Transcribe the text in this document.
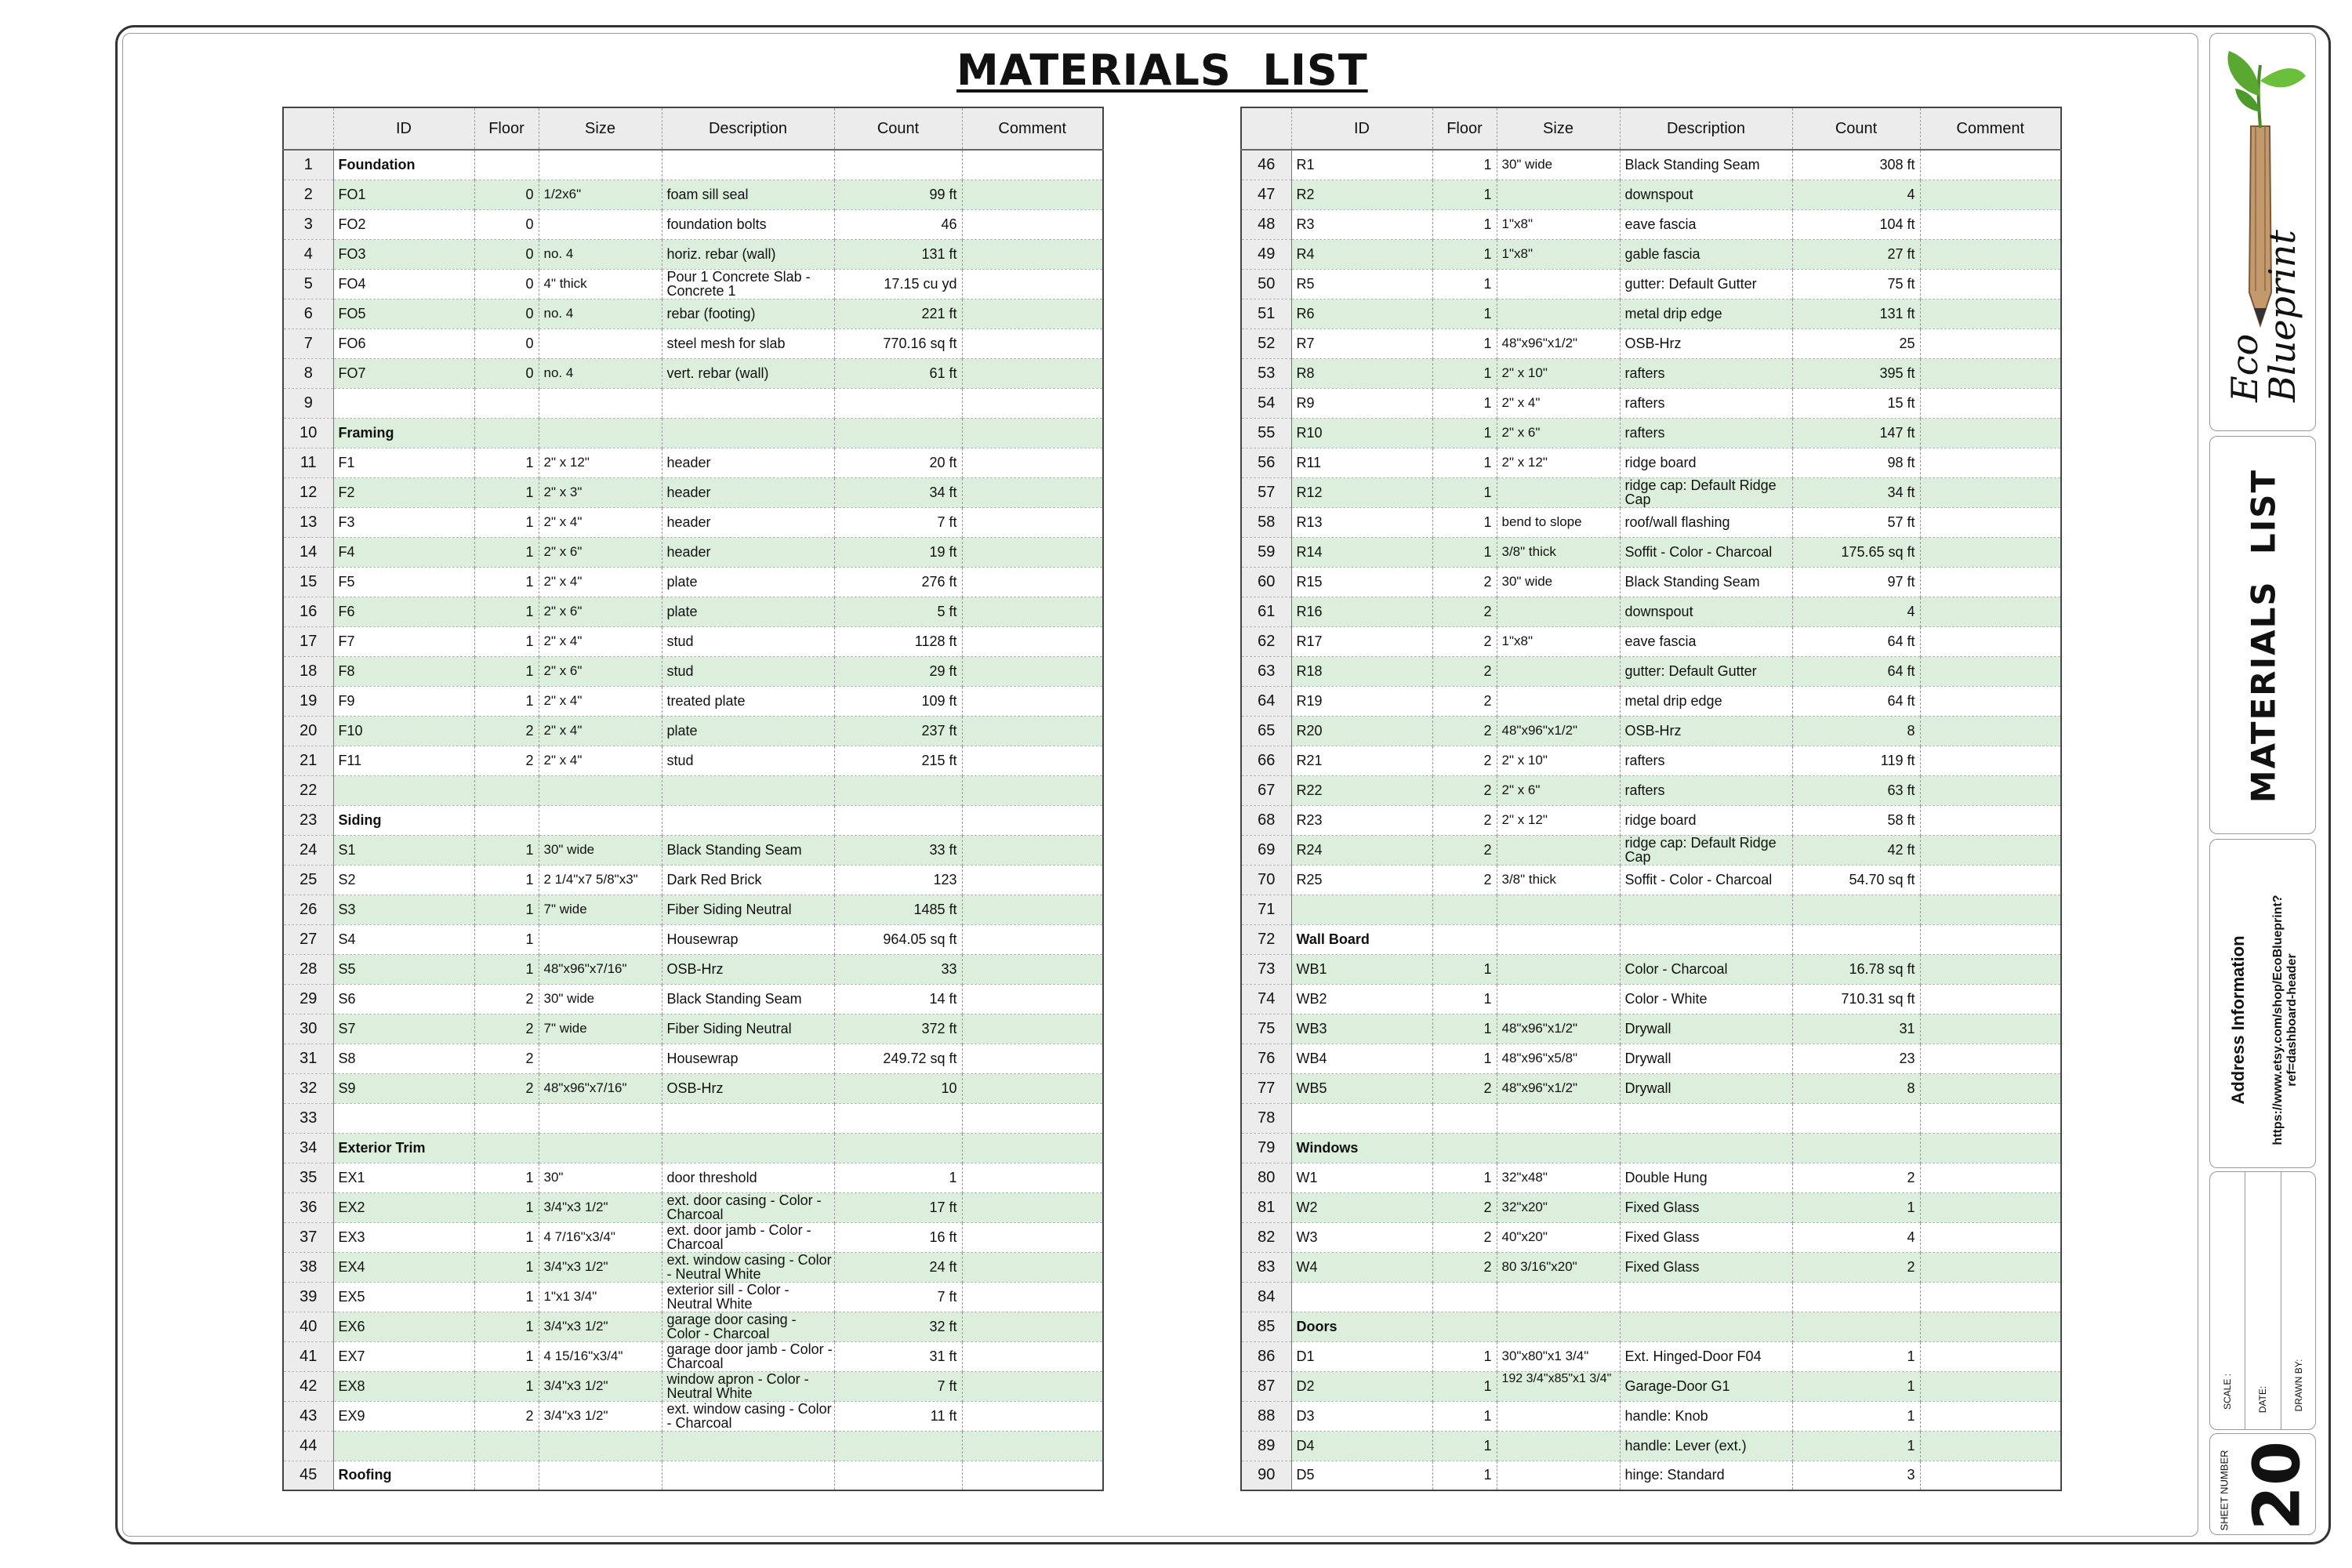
MATERIALS  LIST
	ID	Floor	Size	Description	Count	Comment
1	Foundation					
2	FO1	0	1/2x6"	foam sill seal	99 ft	
3	FO2	0		foundation bolts	46	
4	FO3	0	no. 4	horiz. rebar (wall)	131 ft	
5	FO4	0	4" thick	Pour 1 Concrete Slab - Concrete 1	17.15 cu yd	
6	FO5	0	no. 4	rebar (footing)	221 ft	
7	FO6	0		steel mesh for slab	770.16 sq ft	
8	FO7	0	no. 4	vert. rebar (wall)	61 ft	
9						
10	Framing					
11	F1	1	2" x 12"	header	20 ft	
12	F2	1	2" x 3"	header	34 ft	
13	F3	1	2" x 4"	header	7 ft	
14	F4	1	2" x 6"	header	19 ft	
15	F5	1	2" x 4"	plate	276 ft	
16	F6	1	2" x 6"	plate	5 ft	
17	F7	1	2" x 4"	stud	1128 ft	
18	F8	1	2" x 6"	stud	29 ft	
19	F9	1	2" x 4"	treated plate	109 ft	
20	F10	2	2" x 4"	plate	237 ft	
21	F11	2	2" x 4"	stud	215 ft	
22						
23	Siding					
24	S1	1	30" wide	Black Standing Seam	33 ft	
25	S2	1	2 1/4"x7 5/8"x3"	Dark Red Brick	123	
26	S3	1	7" wide	Fiber Siding Neutral	1485 ft	
27	S4	1		Housewrap	964.05 sq ft	
28	S5	1	48"x96"x7/16"	OSB-Hrz	33	
29	S6	2	30" wide	Black Standing Seam	14 ft	
30	S7	2	7" wide	Fiber Siding Neutral	372 ft	
31	S8	2		Housewrap	249.72 sq ft	
32	S9	2	48"x96"x7/16"	OSB-Hrz	10	
33						
34	Exterior Trim					
35	EX1	1	30"	door threshold	1	
36	EX2	1	3/4"x3 1/2"	ext. door casing - Color - Charcoal	17 ft	
37	EX3	1	4 7/16"x3/4"	ext. door jamb - Color - Charcoal	16 ft	
38	EX4	1	3/4"x3 1/2"	ext. window casing - Color - Neutral White	24 ft	
39	EX5	1	1"x1 3/4"	exterior sill - Color - Neutral White	7 ft	
40	EX6	1	3/4"x3 1/2"	garage door casing - Color - Charcoal	32 ft	
41	EX7	1	4 15/16"x3/4"	garage door jamb - Color - Charcoal	31 ft	
42	EX8	1	3/4"x3 1/2"	window apron - Color - Neutral White	7 ft	
43	EX9	2	3/4"x3 1/2"	ext. window casing - Color - Charcoal	11 ft	
44						
45	Roofing					
	ID	Floor	Size	Description	Count	Comment
46	R1	1	30" wide	Black Standing Seam	308 ft	
47	R2	1		downspout	4	
48	R3	1	1"x8"	eave fascia	104 ft	
49	R4	1	1"x8"	gable fascia	27 ft	
50	R5	1		gutter: Default Gutter	75 ft	
51	R6	1		metal drip edge	131 ft	
52	R7	1	48"x96"x1/2"	OSB-Hrz	25	
53	R8	1	2" x 10"	rafters	395 ft	
54	R9	1	2" x 4"	rafters	15 ft	
55	R10	1	2" x 6"	rafters	147 ft	
56	R11	1	2" x 12"	ridge board	98 ft	
57	R12	1		ridge cap: Default Ridge Cap	34 ft	
58	R13	1	bend to slope	roof/wall flashing	57 ft	
59	R14	1	3/8" thick	Soffit - Color - Charcoal	175.65 sq ft	
60	R15	2	30" wide	Black Standing Seam	97 ft	
61	R16	2		downspout	4	
62	R17	2	1"x8"	eave fascia	64 ft	
63	R18	2		gutter: Default Gutter	64 ft	
64	R19	2		metal drip edge	64 ft	
65	R20	2	48"x96"x1/2"	OSB-Hrz	8	
66	R21	2	2" x 10"	rafters	119 ft	
67	R22	2	2" x 6"	rafters	63 ft	
68	R23	2	2" x 12"	ridge board	58 ft	
69	R24	2		ridge cap: Default Ridge Cap	42 ft	
70	R25	2	3/8" thick	Soffit - Color - Charcoal	54.70 sq ft	
71						
72	Wall Board					
73	WB1	1		Color - Charcoal	16.78 sq ft	
74	WB2	1		Color - White	710.31 sq ft	
75	WB3	1	48"x96"x1/2"	Drywall	31	
76	WB4	1	48"x96"x5/8"	Drywall	23	
77	WB5	2	48"x96"x1/2"	Drywall	8	
78						
79	Windows					
80	W1	1	32"x48"	Double Hung	2	
81	W2	2	32"x20"	Fixed Glass	1	
82	W3	2	40"x20"	Fixed Glass	4	
83	W4	2	80 3/16"x20"	Fixed Glass	2	
84						
85	Doors					
86	D1	1	30"x80"x1 3/4"	Ext. Hinged-Door F04	1	
87	D2	1	192 3/4"x85"x1 3/4"	Garage-Door G1	1	
88	D3	1		handle: Knob	1	
89	D4	1		handle: Lever (ext.)	1	
90	D5	1		hinge: Standard	3	
Eco
Blueprint
MATERIALS  LIST
Address Information https://www.etsy.com/shop/EcoBlueprint?
ref=dashboard-header
SCALE :	DATE:	DRAWN BY:
SHEET NUMBER 20
